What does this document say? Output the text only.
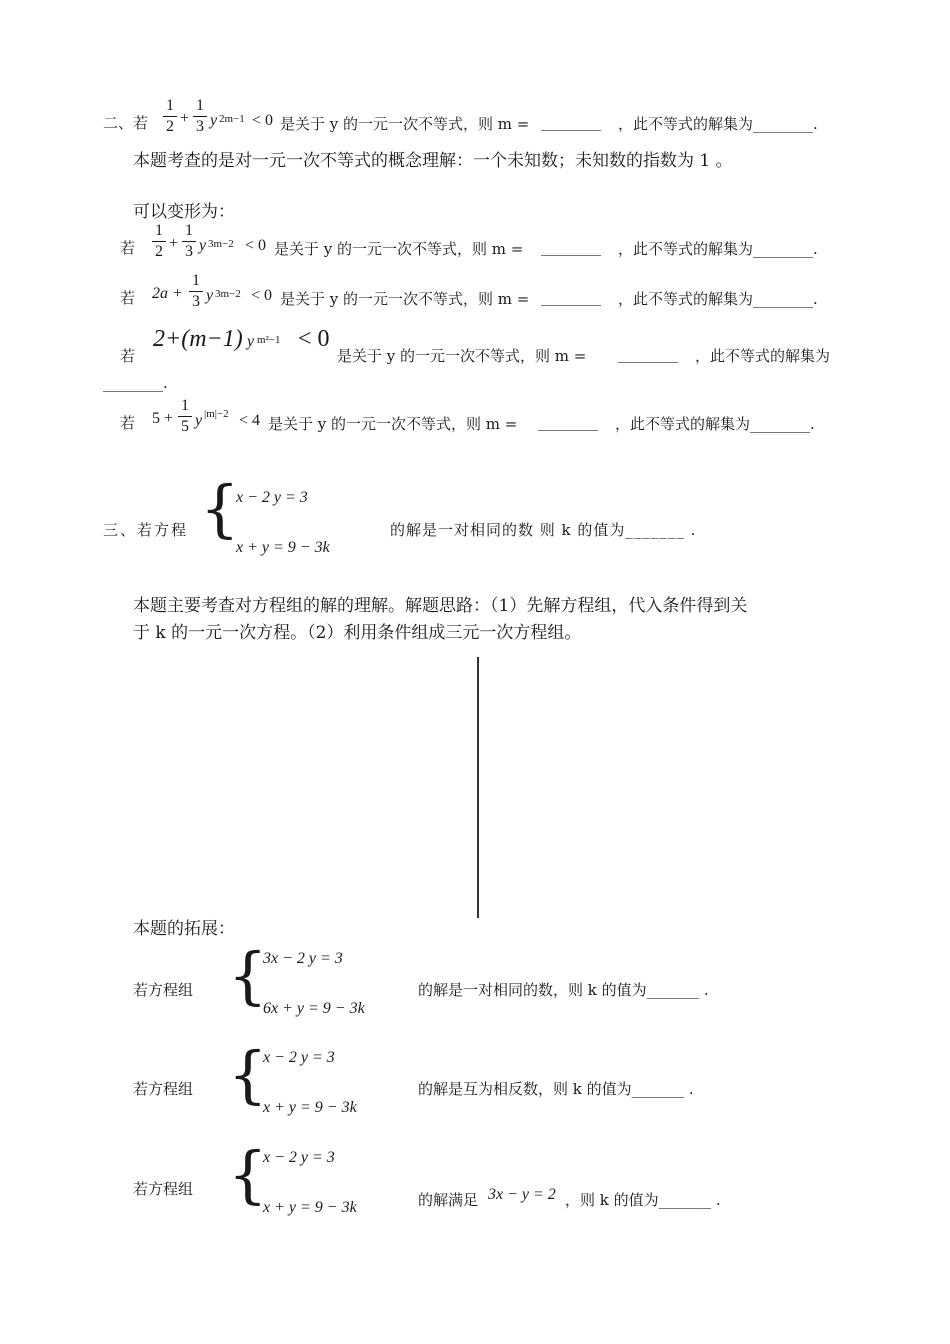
二、若
1
2 +
1
3 y 2m−1 < 0 是关于 y 的一元一次不等式，则 m = ________ ，此不等式的解集为________.
本题考查的是对一元一次不等式的概念理解：一个未知数；未知数的指数为 1 。
可以变形为：
若
1
2 +
1
3 y 3m−2 < 0 是关于 y 的一元一次不等式，则 m = ________ ，此不等式的解集为________.
若 2a +
1
3 y 3m−2 < 0 是关于 y 的一元一次不等式，则 m = ________ ，此不等式的解集为________.
若
2+(m−1) y m²−1 < 0
是关于 y 的一元一次不等式，则 m = ________ ，此不等式的解集为
________.
若 5 +
1
5 y |m|−2 < 4 是关于 y 的一元一次不等式，则 m = ________ ，此不等式的解集为________.
三、若方程 {
x − 2 y = 3
x + y = 9 − 3k
的解是一对相同的数 则 k 的值为_______ .
本题主要考查对方程组的解的理解。解题思路：（1）先解方程组，代入条件得到关
于 k 的一元一次方程。（2）利用条件组成三元一次方程组。
本题的拓展：
若方程组 {
3x − 2 y = 3
6x + y = 9 − 3k
的解是一对相同的数，则 k 的值为_______ .
若方程组 {
x − 2 y = 3
x + y = 9 − 3k
的解是互为相反数，则 k 的值为_______ .
若方程组 {
x − 2 y = 3
x + y = 9 − 3k	的解满足 3x − y = 2 ，则 k 的值为_______ .
